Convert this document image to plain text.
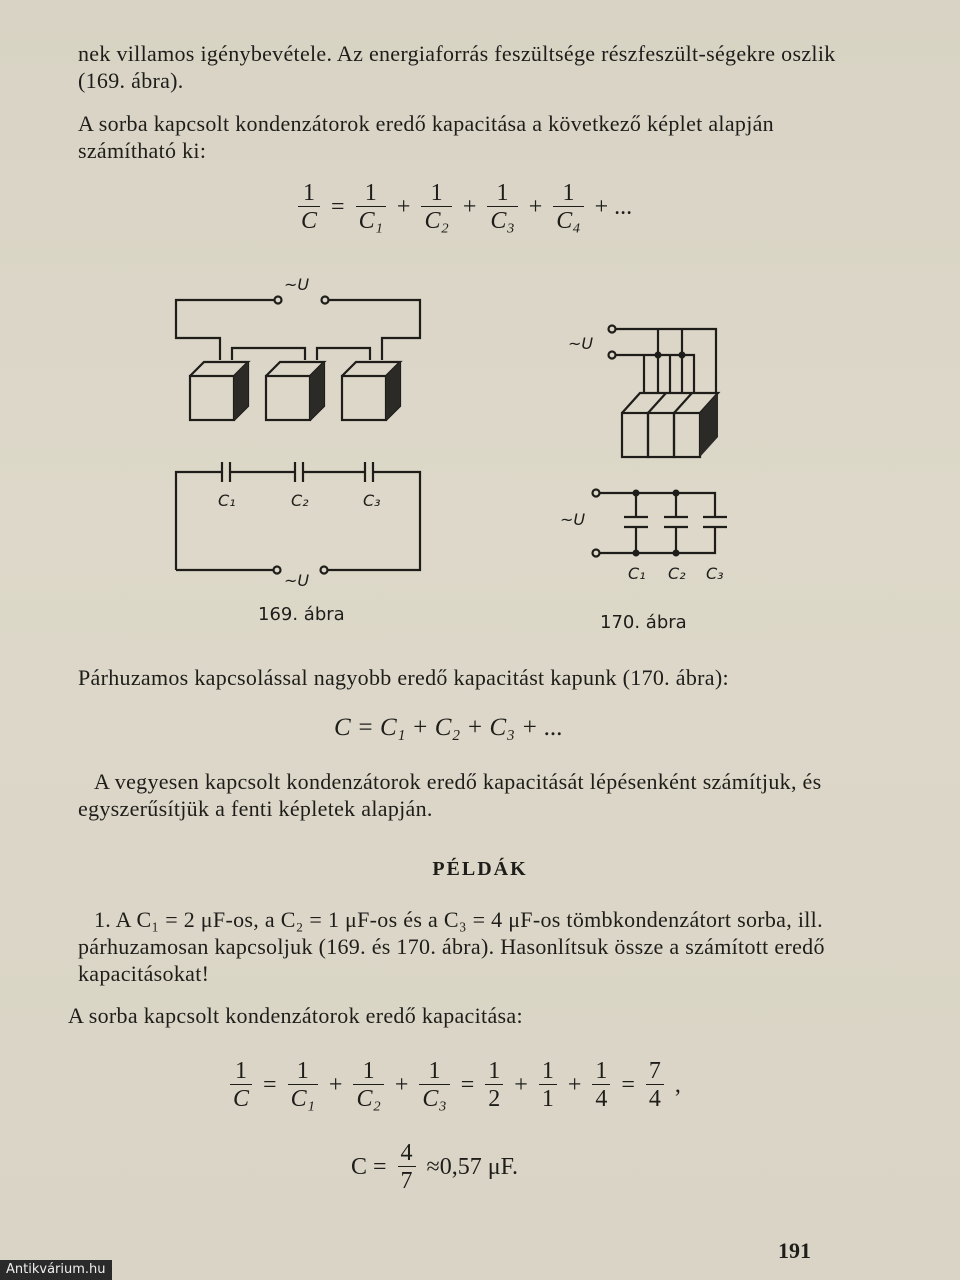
nek villamos igénybevétele. Az energiaforrás feszültsége részfeszült-ségekre oszlik (169. ábra).

A sorba kapcsolt kondenzátorok eredő kapacitása a következő képlet alapján számítható ki:

$\frac{1}{C} = \frac{1}{\text{C₁}} + \frac{1}{\text{C₂}} + \frac{1}{\text{C₃}} + \frac{1}{\text{C₄}}$ + ...
~U
C₁	C₂	C₃
~U
169. ábra
~U
~U
C₁ C₂ C₃
170. ábra

Párhuzamos kapcsolással nagyobb eredő kapacitást kapunk (170. ábra):

C = C₁ + C₂ + C₃ + ...

A vegyesen kapcsolt kondenzátorok eredő kapacitását lépésenként számítjuk, és egyszerűsítjük a fenti képletek alapján.

PÉLDÁK

1. A C₁ = 2 μF-os, a C₂ = 1 μF-os és a C₃ = 4 μF-os tömbkondenzátort sorba, ill. párhuzamosan kapcsoljuk (169. és 170. ábra). Hasonlítsuk össze a számított eredő kapacitásokat!

A sorba kapcsolt kondenzátorok eredő kapacitása:

$\frac{1}{C} = \frac{1}{\text{C₁}} + \frac{1}{\text{C₂}} + \frac{1}{\text{C₃}} = \frac{1}{2} + \frac{1}{1} + \frac{1}{4} = \frac{7}{4}$ ,
$C = \frac{4}{7} \approx 0,57$ μF.
191
Antikvárium.hu
